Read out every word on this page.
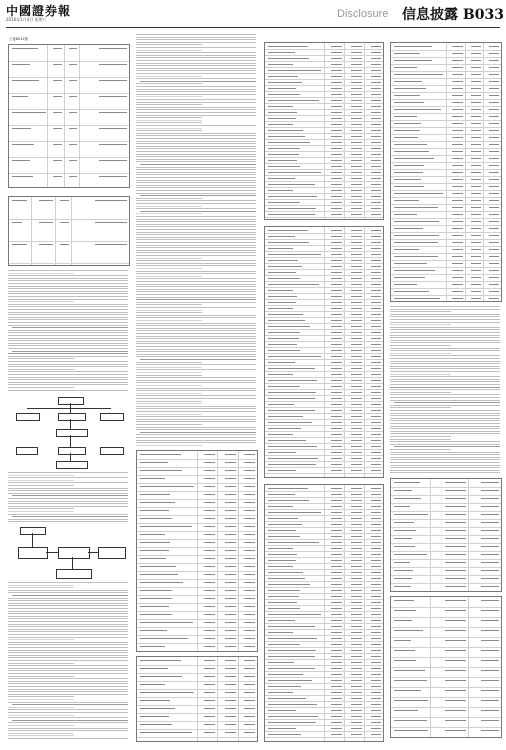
中國證券報
2016年1月4日 星期六	Disclosure 信息披露 B033
上接B032版
